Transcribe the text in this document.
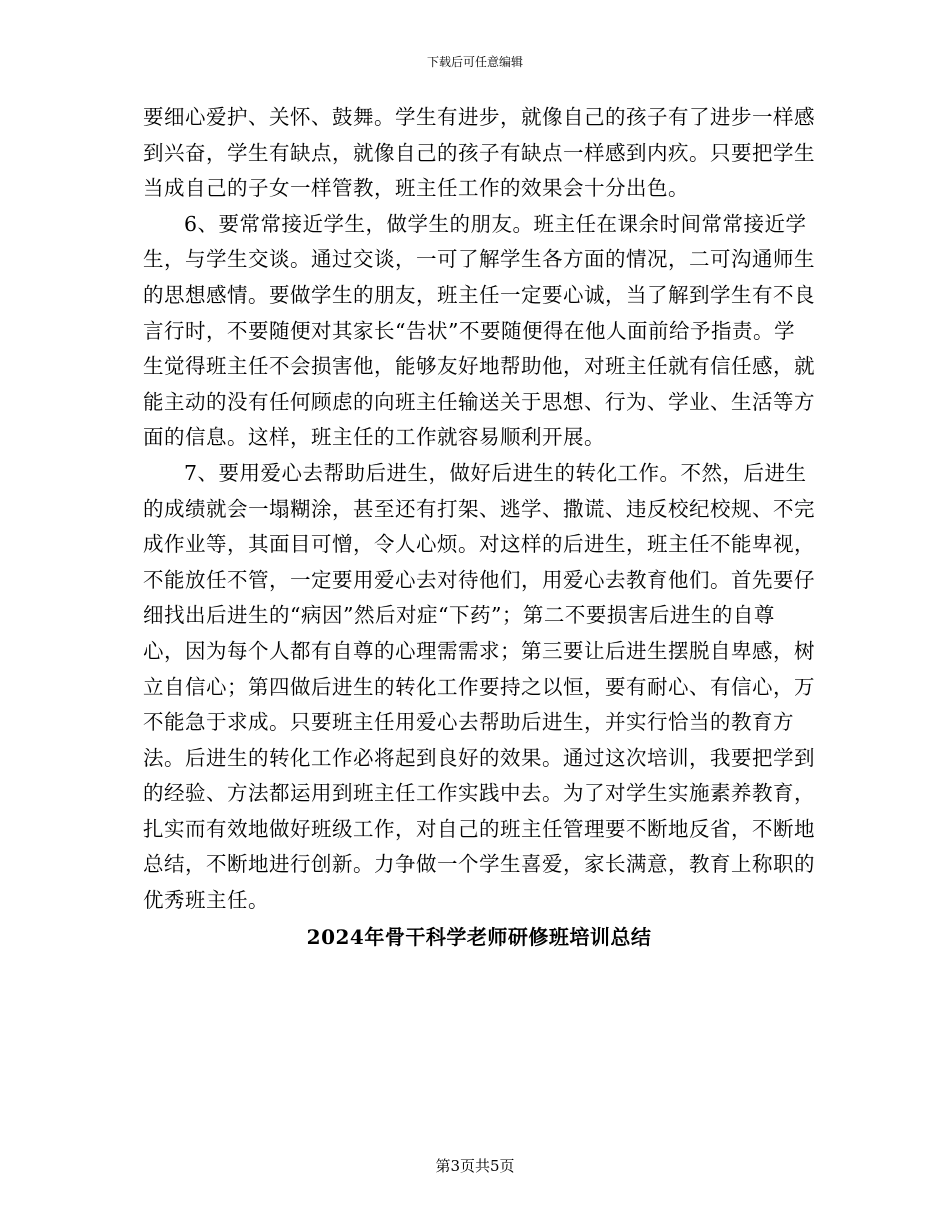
下载后可任意编辑

要细心爱护、关怀、鼓舞。学生有进步，就像自己的孩子有了进步一样感到兴奋，学生有缺点，就像自己的孩子有缺点一样感到内疚。只要把学生当成自己的子女一样管教，班主任工作的效果会十分出色。

6、要常常接近学生，做学生的朋友。班主任在课余时间常常接近学生，与学生交谈。通过交谈，一可了解学生各方面的情况，二可沟通师生的思想感情。要做学生的朋友，班主任一定要心诚，当了解到学生有不良言行时，不要随便对其家长“告状”不要随便得在他人面前给予指责。学生觉得班主任不会损害他，能够友好地帮助他，对班主任就有信任感，就能主动的没有任何顾虑的向班主任输送关于思想、行为、学业、生活等方面的信息。这样，班主任的工作就容易顺利开展。

7、要用爱心去帮助后进生，做好后进生的转化工作。不然，后进生的成绩就会一塌糊涂，甚至还有打架、逃学、撒谎、违反校纪校规、不完成作业等，其面目可憎，令人心烦。对这样的后进生，班主任不能卑视，不能放任不管，一定要用爱心去对待他们，用爱心去教育他们。首先要仔细找出后进生的“病因”然后对症“下药”；第二不要损害后进生的自尊心，因为每个人都有自尊的心理需需求；第三要让后进生摆脱自卑感，树立自信心；第四做后进生的转化工作要持之以恒，要有耐心、有信心，万不能急于求成。只要班主任用爱心去帮助后进生，并实行恰当的教育方法。后进生的转化工作必将起到良好的效果。通过这次培训，我要把学到的经验、方法都运用到班主任工作实践中去。为了对学生实施素养教育，扎实而有效地做好班级工作，对自己的班主任管理要不断地反省，不断地总结，不断地进行创新。力争做一个学生喜爱，家长满意，教育上称职的优秀班主任。

2024年骨干科学老师研修班培训总结
第3页共5页
